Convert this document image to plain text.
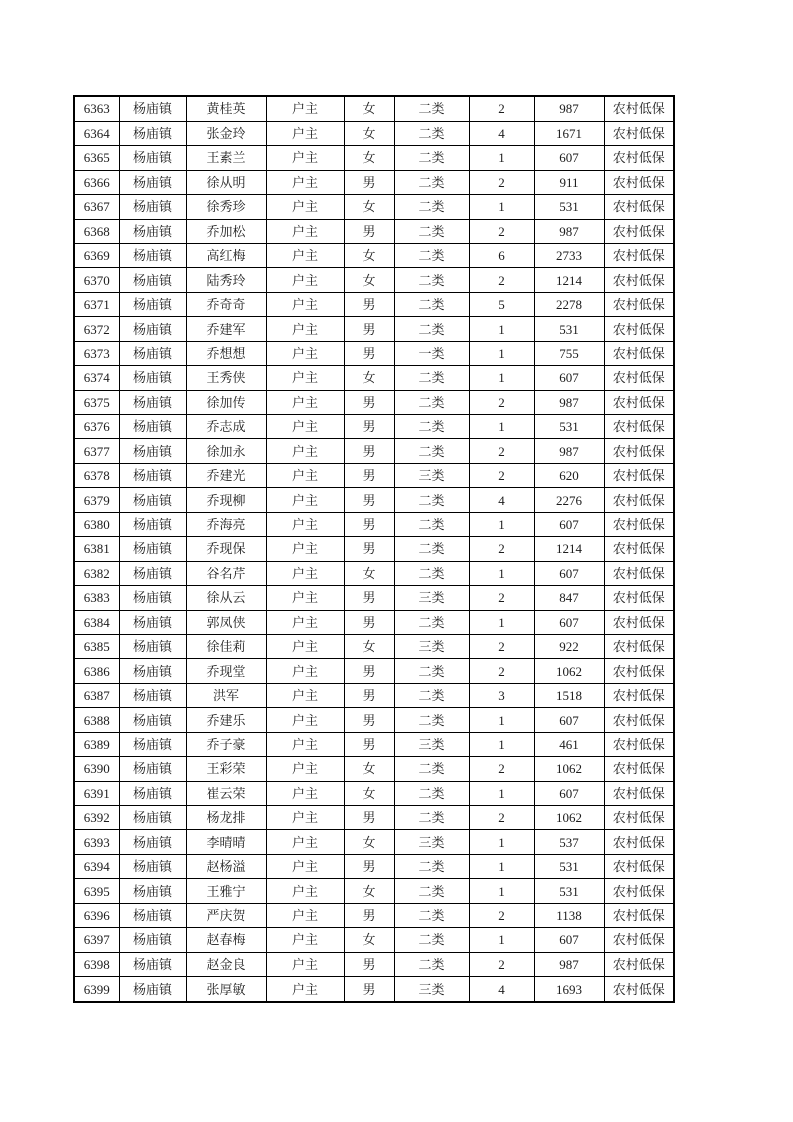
6363	杨庙镇	黄桂英	户主	女	二类	2	987	农村低保
6364	杨庙镇	张金玲	户主	女	二类	4	1671	农村低保
6365	杨庙镇	王素兰	户主	女	二类	1	607	农村低保
6366	杨庙镇	徐从明	户主	男	二类	2	911	农村低保
6367	杨庙镇	徐秀珍	户主	女	二类	1	531	农村低保
6368	杨庙镇	乔加松	户主	男	二类	2	987	农村低保
6369	杨庙镇	高红梅	户主	女	二类	6	2733	农村低保
6370	杨庙镇	陆秀玲	户主	女	二类	2	1214	农村低保
6371	杨庙镇	乔奇奇	户主	男	二类	5	2278	农村低保
6372	杨庙镇	乔建军	户主	男	二类	1	531	农村低保
6373	杨庙镇	乔想想	户主	男	一类	1	755	农村低保
6374	杨庙镇	王秀侠	户主	女	二类	1	607	农村低保
6375	杨庙镇	徐加传	户主	男	二类	2	987	农村低保
6376	杨庙镇	乔志成	户主	男	二类	1	531	农村低保
6377	杨庙镇	徐加永	户主	男	二类	2	987	农村低保
6378	杨庙镇	乔建光	户主	男	三类	2	620	农村低保
6379	杨庙镇	乔现柳	户主	男	二类	4	2276	农村低保
6380	杨庙镇	乔海亮	户主	男	二类	1	607	农村低保
6381	杨庙镇	乔现保	户主	男	二类	2	1214	农村低保
6382	杨庙镇	谷名芹	户主	女	二类	1	607	农村低保
6383	杨庙镇	徐从云	户主	男	三类	2	847	农村低保
6384	杨庙镇	郭凤侠	户主	男	二类	1	607	农村低保
6385	杨庙镇	徐佳莉	户主	女	三类	2	922	农村低保
6386	杨庙镇	乔现堂	户主	男	二类	2	1062	农村低保
6387	杨庙镇	洪军	户主	男	二类	3	1518	农村低保
6388	杨庙镇	乔建乐	户主	男	二类	1	607	农村低保
6389	杨庙镇	乔子豪	户主	男	三类	1	461	农村低保
6390	杨庙镇	王彩荣	户主	女	二类	2	1062	农村低保
6391	杨庙镇	崔云荣	户主	女	二类	1	607	农村低保
6392	杨庙镇	杨龙排	户主	男	二类	2	1062	农村低保
6393	杨庙镇	李晴晴	户主	女	三类	1	537	农村低保
6394	杨庙镇	赵杨溢	户主	男	二类	1	531	农村低保
6395	杨庙镇	王雅宁	户主	女	二类	1	531	农村低保
6396	杨庙镇	严庆贺	户主	男	二类	2	1138	农村低保
6397	杨庙镇	赵春梅	户主	女	二类	1	607	农村低保
6398	杨庙镇	赵金良	户主	男	二类	2	987	农村低保
6399	杨庙镇	张厚敏	户主	男	三类	4	1693	农村低保
